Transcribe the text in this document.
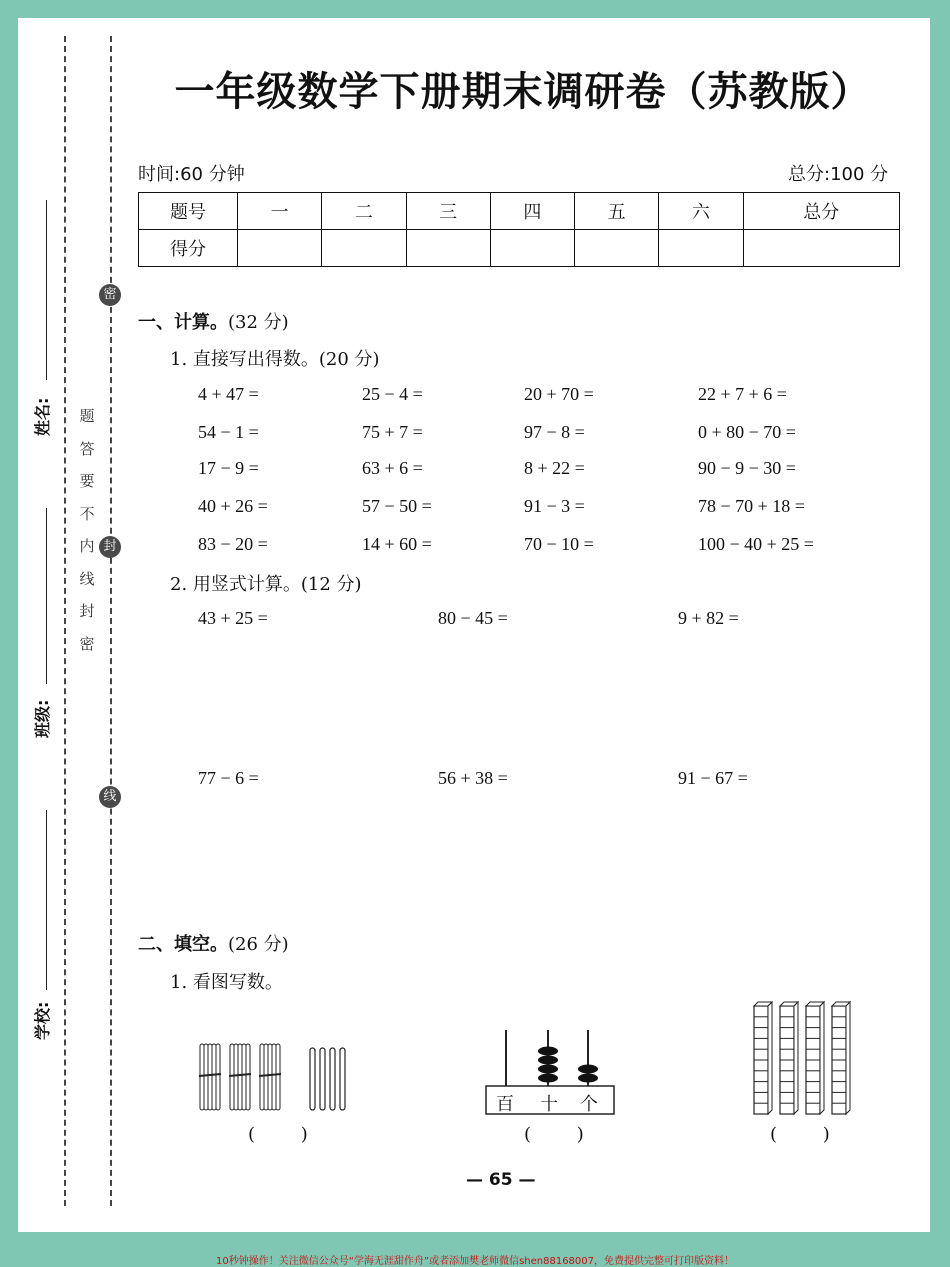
密
封
线
题
答
要
不
内
线
封
密
姓名:
班级:
学校:
一年级数学下册期末调研卷（苏教版）
时间:60 分钟	总分:100 分
题号	一	二	三	四	五	六	总分
得分							
一、计算。(32 分)
1. 直接写出得数。(20 分)
4 + 47 =	25 − 4 =	20 + 70 =	22 + 7 + 6 =
54 − 1 =	75 + 7 =	97 − 8 =	0 + 80 − 70 =
17 − 9 =	63 + 6 =	8 + 22 =	90 − 9 − 30 =
40 + 26 =	57 − 50 =	91 − 3 =	78 − 70 + 18 =
83 − 20 =	14 + 60 =	70 − 10 =	100 − 40 + 25 =
2. 用竖式计算。(12 分)
43 + 25 =	80 − 45 =	9 + 82 =
77 − 6 =	56 + 38 =	91 − 67 =
二、填空。(26 分)
1. 看图写数。
(        )
百 十 个
(        )	(        )
— 65 —
10秒钟操作！关注微信公众号“学海无涯甜作舟”或者添加樊老师微信shen88168007，免费提供完整可打印版资料！
